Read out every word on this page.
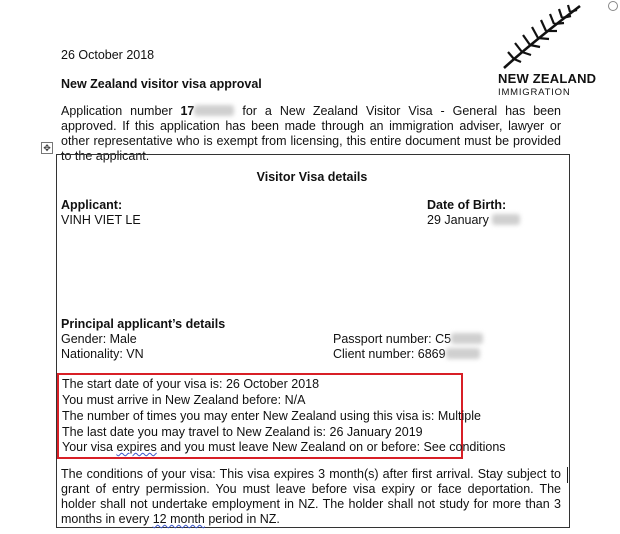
26 October 2018
New Zealand visitor visa approval	NEW ZEALAND
IMMIGRATION
Application number 17	for a New Zealand Visitor Visa - General has been approved. If this application has been made through an immigration adviser, lawyer or other representative who is exempt from licensing, this entire document must be provided to the applicant.
✥
Visitor Visa details
Applicant:
VINH VIET LE
Date of Birth:
29 January
Principal applicant’s details
Gender: Male
Nationality: VN
Passport number: C5
Client number: 6869
The start date of your visa is: 26 October 2018
You must arrive in New Zealand before: N/A
The number of times you may enter New Zealand using this visa is: Multiple
The last date you may travel to New Zealand is: 26 January 2019
Your visa expires and you must leave New Zealand on or before: See conditions
The conditions of your visa: This visa expires 3 month(s) after first arrival. Stay subject to grant of entry permission. You must leave before visa expiry or face deportation. The holder shall not undertake employment in NZ. The holder shall not study for more than 3 months in every 12 month period in NZ.
